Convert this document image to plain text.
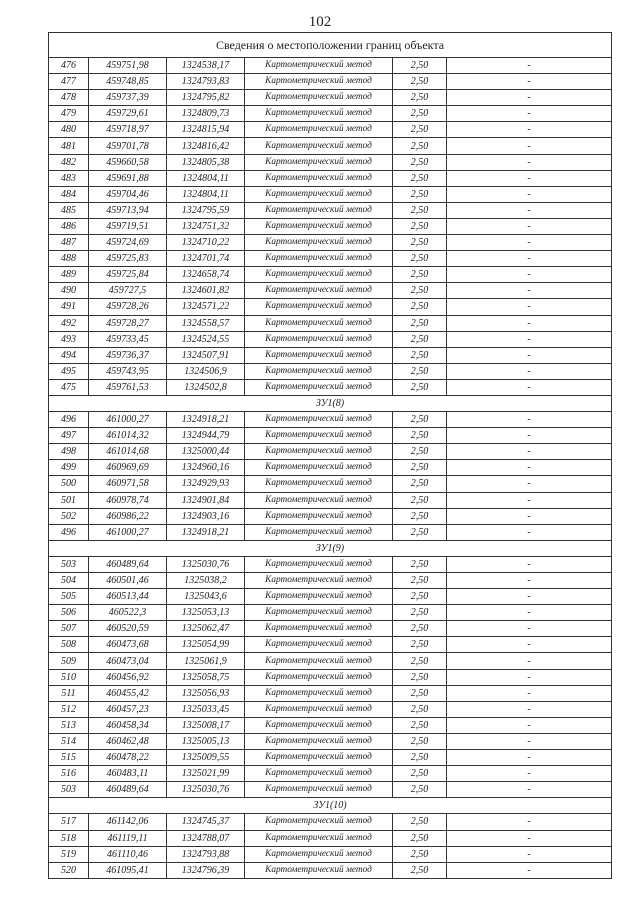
102
Сведения о местоположении границ объекта					
476	459751,98	1324538,17	Картометрический метод	2,50	-
477	459748,85	1324793,83	Картометрический метод	2,50	-
478	459737,39	1324795,82	Картометрический метод	2,50	-
479	459729,61	1324809,73	Картометрический метод	2,50	-
480	459718,97	1324815,94	Картометрический метод	2,50	-
481	459701,78	1324816,42	Картометрический метод	2,50	-
482	459660,58	1324805,38	Картометрический метод	2,50	-
483	459691,88	1324804,11	Картометрический метод	2,50	-
484	459704,46	1324804,11	Картометрический метод	2,50	-
485	459713,94	1324795,59	Картометрический метод	2,50	-
486	459719,51	1324751,32	Картометрический метод	2,50	-
487	459724,69	1324710,22	Картометрический метод	2,50	-
488	459725,83	1324701,74	Картометрический метод	2,50	-
489	459725,84	1324658,74	Картометрический метод	2,50	-
490	459727,5	1324601,82	Картометрический метод	2,50	-
491	459728,26	1324571,22	Картометрический метод	2,50	-
492	459728,27	1324558,57	Картометрический метод	2,50	-
493	459733,45	1324524,55	Картометрический метод	2,50	-
494	459736,37	1324507,91	Картометрический метод	2,50	-
495	459743,95	1324506,9	Картометрический метод	2,50	-
475	459761,53	1324502,8	Картометрический метод	2,50	-
ЗУ1(8)					
496	461000,27	1324918,21	Картометрический метод	2,50	-
497	461014,32	1324944,79	Картометрический метод	2,50	-
498	461014,68	1325000,44	Картометрический метод	2,50	-
499	460969,69	1324960,16	Картометрический метод	2,50	-
500	460971,58	1324929,93	Картометрический метод	2,50	-
501	460978,74	1324901,84	Картометрический метод	2,50	-
502	460986,22	1324903,16	Картометрический метод	2,50	-
496	461000,27	1324918,21	Картометрический метод	2,50	-
ЗУ1(9)					
503	460489,64	1325030,76	Картометрический метод	2,50	-
504	460501,46	1325038,2	Картометрический метод	2,50	-
505	460513,44	1325043,6	Картометрический метод	2,50	-
506	460522,3	1325053,13	Картометрический метод	2,50	-
507	460520,59	1325062,47	Картометрический метод	2,50	-
508	460473,68	1325054,99	Картометрический метод	2,50	-
509	460473,04	1325061,9	Картометрический метод	2,50	-
510	460456,92	1325058,75	Картометрический метод	2,50	-
511	460455,42	1325056,93	Картометрический метод	2,50	-
512	460457,23	1325033,45	Картометрический метод	2,50	-
513	460458,34	1325008,17	Картометрический метод	2,50	-
514	460462,48	1325005,13	Картометрический метод	2,50	-
515	460478,22	1325009,55	Картометрический метод	2,50	-
516	460483,11	1325021,99	Картометрический метод	2,50	-
503	460489,64	1325030,76	Картометрический метод	2,50	-
ЗУ1(10)					
517	461142,06	1324745,37	Картометрический метод	2,50	-
518	461119,11	1324788,07	Картометрический метод	2,50	-
519	461110,46	1324793,88	Картометрический метод	2,50	-
520	461095,41	1324796,39	Картометрический метод	2,50	-
